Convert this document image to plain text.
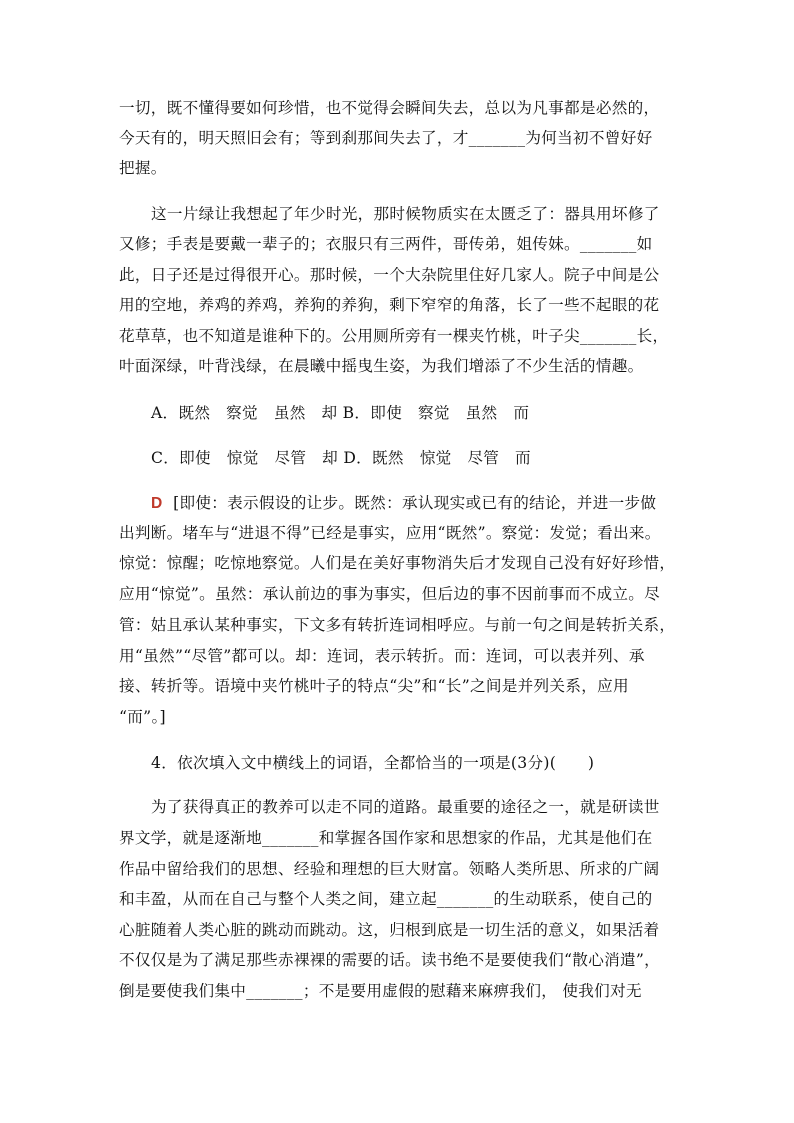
一切，既不懂得要如何珍惜，也不觉得会瞬间失去，总以为凡事都是必然的，
今天有的，明天照旧会有；等到刹那间失去了，才_______为何当初不曾好好
把握。
这一片绿让我想起了年少时光，那时候物质实在太匮乏了：器具用坏修了
又修；手表是要戴一辈子的；衣服只有三两件，哥传弟，姐传妹。_______如
此，日子还是过得很开心。那时候，一个大杂院里住好几家人。院子中间是公
用的空地，养鸡的养鸡，养狗的养狗，剩下窄窄的角落，长了一些不起眼的花
花草草，也不知道是谁种下的。公用厕所旁有一棵夹竹桃，叶子尖_______长，
叶面深绿，叶背浅绿，在晨曦中摇曳生姿，为我们增添了不少生活的情趣。
A．既然　察觉　虽然　却 B．即使　察觉　虽然　而
C．即使　惊觉　尽管　却 D．既然　惊觉　尽管　而
D [即使：表示假设的让步。既然：承认现实或已有的结论，并进一步做
出判断。堵车与“进退不得”已经是事实，应用“既然”。察觉：发觉；看出来。
惊觉：惊醒；吃惊地察觉。人们是在美好事物消失后才发现自己没有好好珍惜，
应用“惊觉”。虽然：承认前边的事为事实，但后边的事不因前事而不成立。尽
管：姑且承认某种事实，下文多有转折连词相呼应。与前一句之间是转折关系，
用“虽然”“尽管”都可以。却：连词，表示转折。而：连词，可以表并列、承
接、转折等。语境中夹竹桃叶子的特点“尖”和“长”之间是并列关系，应用
“而”。]
4．依次填入文中横线上的词语，全都恰当的一项是(3分)(　　)
为了获得真正的教养可以走不同的道路。最重要的途径之一，就是研读世
界文学，就是逐渐地_______和掌握各国作家和思想家的作品，尤其是他们在
作品中留给我们的思想、经验和理想的巨大财富。领略人类所思、所求的广阔
和丰盈，从而在自己与整个人类之间，建立起_______的生动联系，使自己的
心脏随着人类心脏的跳动而跳动。这，归根到底是一切生活的意义，如果活着
不仅仅是为了满足那些赤裸裸的需要的话。读书绝不是要使我们“散心消遣”，
倒是要使我们集中_______；不是要用虚假的慰藉来麻痹我们， 使我们对无
